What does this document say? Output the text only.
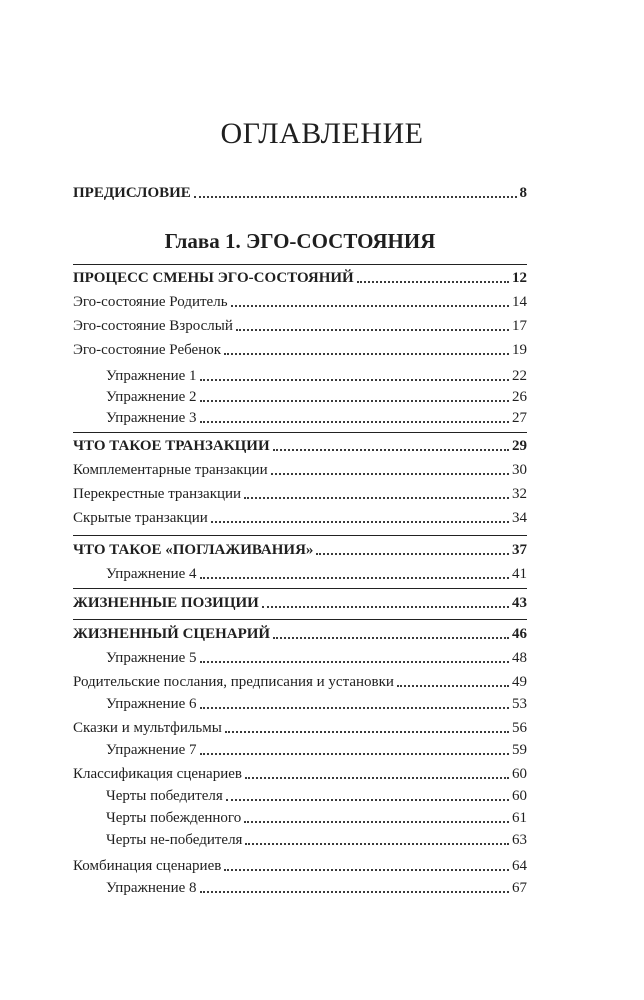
ОГЛАВЛЕНИЕ
ПРЕДИСЛОВИЕ	8
Глава 1. ЭГО-СОСТОЯНИЯ
ПРОЦЕСС СМЕНЫ ЭГО-СОСТОЯНИЙ	12
Эго-состояние Родитель	14
Эго-состояние Взрослый	17
Эго-состояние Ребенок	19
Упражнение 1	22
Упражнение 2	26
Упражнение 3	27
ЧТО ТАКОЕ ТРАНЗАКЦИИ	29
Комплементарные транзакции	30
Перекрестные транзакции	32
Скрытые транзакции	34
ЧТО ТАКОЕ «ПОГЛАЖИВАНИЯ»	37
Упражнение 4	41
ЖИЗНЕННЫЕ ПОЗИЦИИ	43
ЖИЗНЕННЫЙ СЦЕНАРИЙ	46
Упражнение 5	48
Родительские послания, предписания и установки	49
Упражнение 6	53
Сказки и мультфильмы	56
Упражнение 7	59
Классификация сценариев	60
Черты победителя	60
Черты побежденного	61
Черты не-победителя	63
Комбинация сценариев	64
Упражнение 8	67
